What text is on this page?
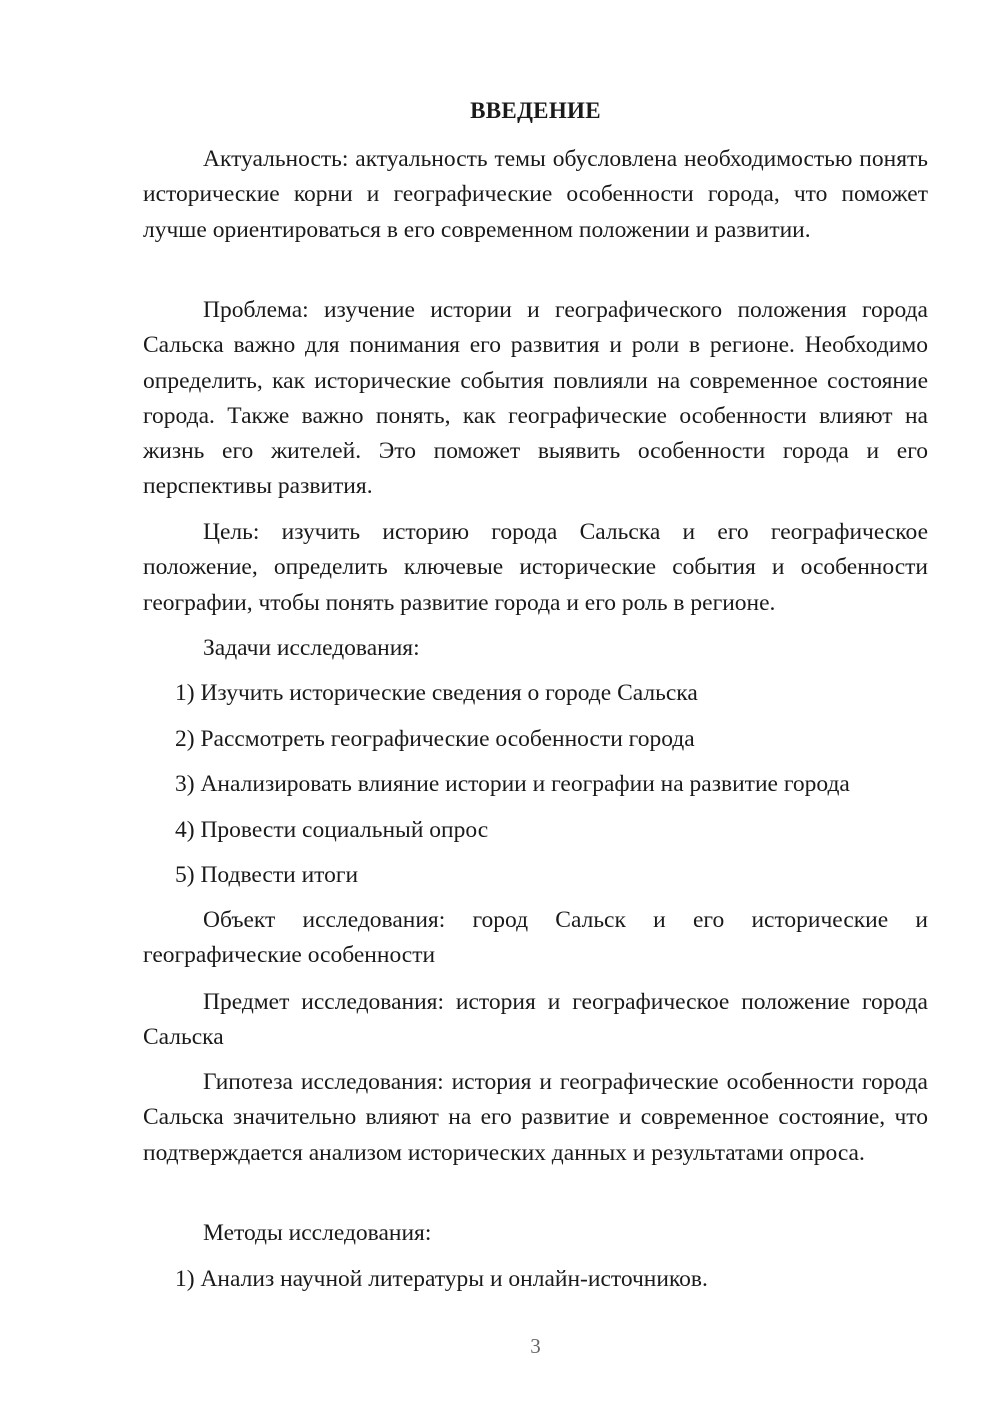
ВВЕДЕНИЕ

Актуальность: актуальность темы обусловлена необходимостью понять исторические корни и географические особенности города, что поможет лучше ориентироваться в его современном положении и развитии.

Проблема: изучение истории и географического положения города Сальска важно для понимания его развития и роли в регионе. Необходимо определить, как исторические события повлияли на современное состояние города. Также важно понять, как географические особенности влияют на жизнь его жителей. Это поможет выявить особенности города и его перспективы развития.

Цель: изучить историю города Сальска и его географическое положение, определить ключевые исторические события и особенности географии, чтобы понять развитие города и его роль в регионе.

Задачи исследования:

1) Изучить исторические сведения о городе Сальска

2) Рассмотреть географические особенности города

3) Анализировать влияние истории и географии на развитие города

4) Провести социальный опрос

5) Подвести итоги

Объект исследования: город Сальск и его исторические и географические особенности

Предмет исследования: история и географическое положение города Сальска

Гипотеза исследования: история и географические особенности города Сальска значительно влияют на его развитие и современное состояние, что подтверждается анализом исторических данных и результатами опроса.

Методы исследования:

1) Анализ научной литературы и онлайн-источников.

3
